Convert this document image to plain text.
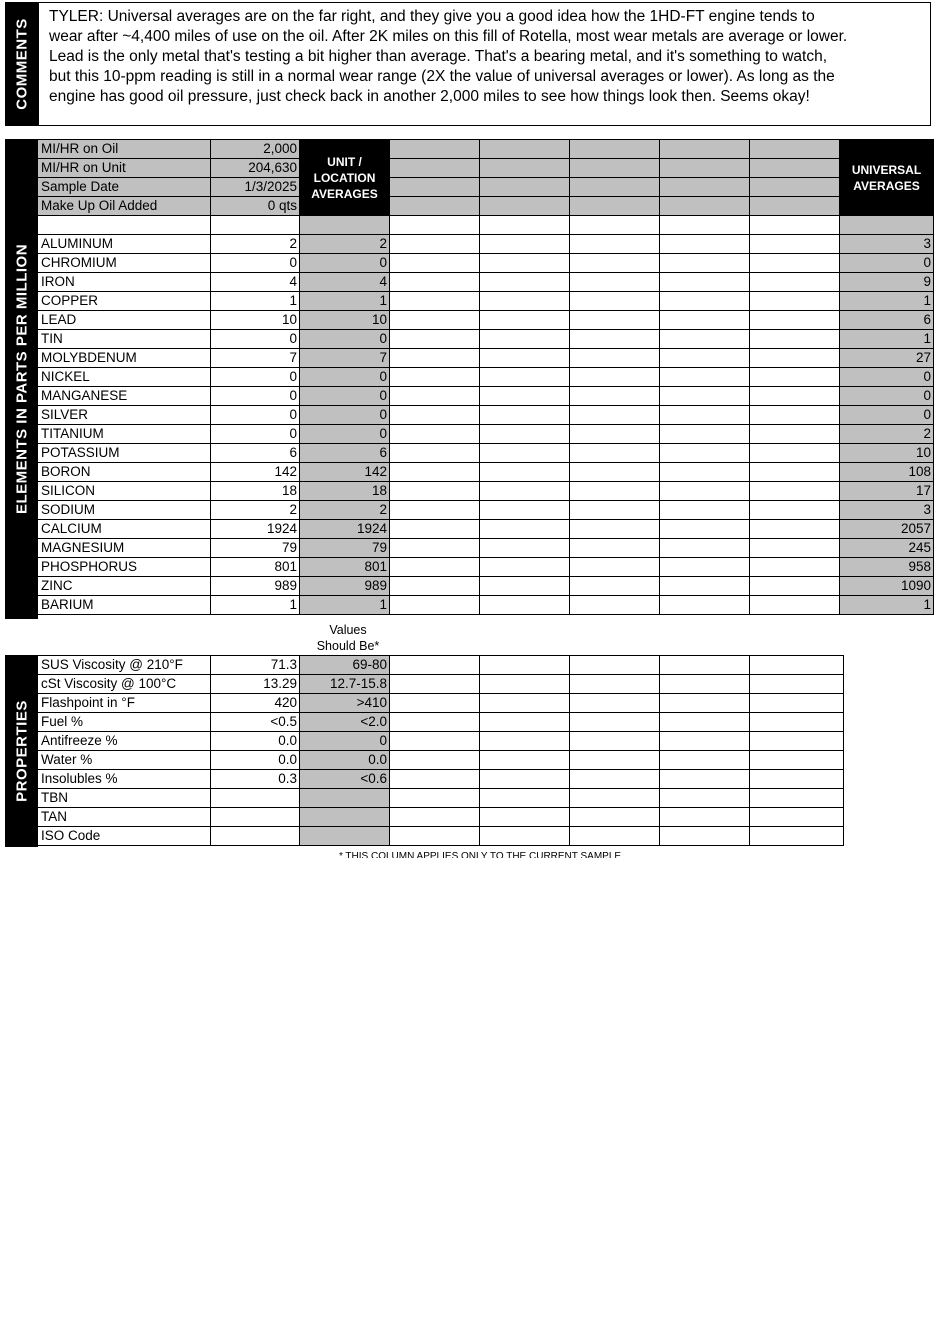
COMMENTS
TYLER: Universal averages are on the far right, and they give you a good idea how the 1HD-FT engine tends to wear after ~4,400 miles of use on the oil. After 2K miles on this fill of Rotella, most wear metals are average or lower. Lead is the only metal that's testing a bit higher than average. That's a bearing metal, and it's something to watch, but this 10-ppm reading is still in a normal wear range (2X the value of universal averages or lower). As long as the engine has good oil pressure, just check back in another 2,000 miles to see how things look then. Seems okay!
ELEMENTS IN PARTS PER MILLION
MI/HR on Oil	2,000	UNIT / LOCATION AVERAGES						UNIVERSAL AVERAGES
MI/HR on Unit	204,630							
Sample Date	1/3/2025							
Make Up Oil Added	0 qts							

ALUMINUM	2	2						3
CHROMIUM	0	0						0
IRON	4	4						9
COPPER	1	1						1
LEAD	10	10						6
TIN	0	0						1
MOLYBDENUM	7	7						27
NICKEL	0	0						0
MANGANESE	0	0						0
SILVER	0	0						0
TITANIUM	0	0						2
POTASSIUM	6	6						10
BORON	142	142						108
SILICON	18	18						17
SODIUM	2	2						3
CALCIUM	1924	1924						2057
MAGNESIUM	79	79						245
PHOSPHORUS	801	801						958
ZINC	989	989						1090
BARIUM	1	1						1
Values
Should Be*
PROPERTIES
SUS Viscosity @ 210°F	71.3	69-80					
cSt Viscosity @ 100°C	13.29	12.7-15.8					
Flashpoint in °F	420	>410					
Fuel %	<0.5	<2.0					
Antifreeze %	0.0	0					
Water %	0.0	0.0					
Insolubles %	0.3	<0.6					
TBN							
TAN							
ISO Code							
* THIS COLUMN APPLIES ONLY TO THE CURRENT SAMPLE
